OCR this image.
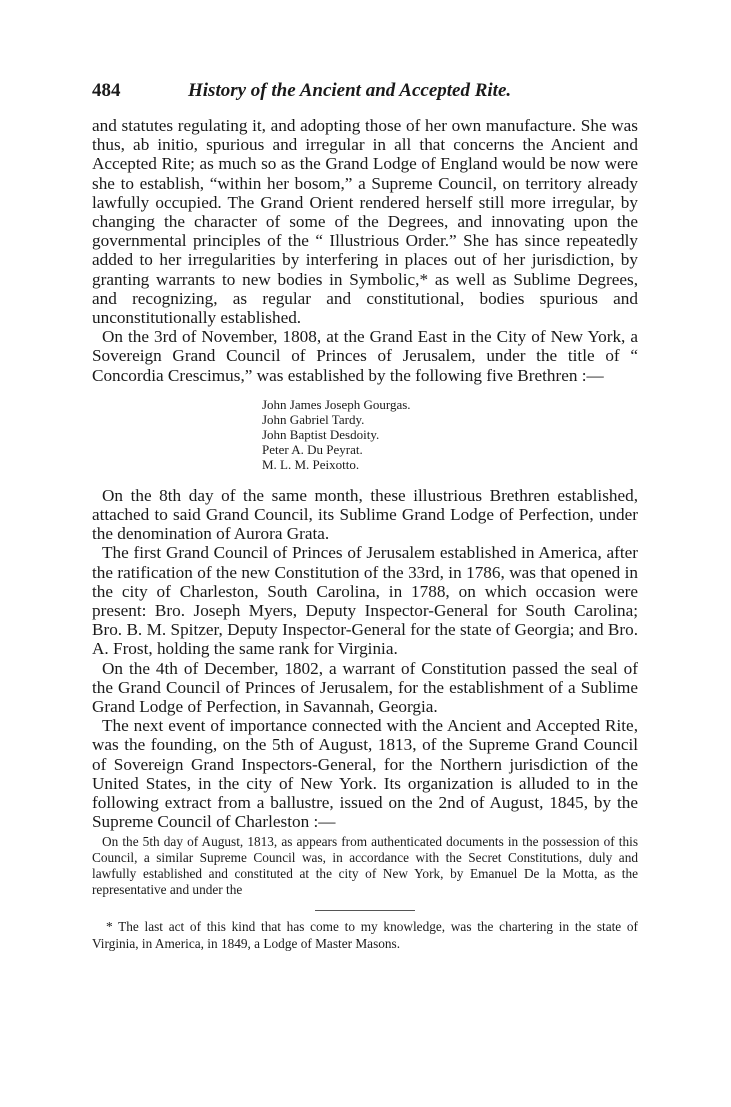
484	History of the Ancient and Accepted Rite.

and statutes regulating it, and adopting those of her own manufacture. She was thus, ab initio, spurious and irregular in all that concerns the Ancient and Accepted Rite; as much so as the Grand Lodge of England would be now were she to establish, “within her bosom,” a Supreme Council, on territory already lawfully occupied. The Grand Orient rendered herself still more irregular, by changing the character of some of the Degrees, and innovating upon the governmental principles of the “ Illustrious Order.” She has since repeatedly added to her irregularities by interfering in places out of her jurisdiction, by granting warrants to new bodies in Symbolic,* as well as Sublime Degrees, and recognizing, as regular and constitutional, bodies spurious and unconstitutionally established.

On the 3rd of November, 1808, at the Grand East in the City of New York, a Sovereign Grand Council of Princes of Jerusalem, under the title of “ Concordia Crescimus,” was established by the following five Brethren :—

John James Joseph Gourgas.
John Gabriel Tardy.
John Baptist Desdoity.
Peter A. Du Peyrat.
M. L. M. Peixotto.

On the 8th day of the same month, these illustrious Brethren established, attached to said Grand Council, its Sublime Grand Lodge of Perfection, under the denomination of Aurora Grata.

The first Grand Council of Princes of Jerusalem established in America, after the ratification of the new Constitution of the 33rd, in 1786, was that opened in the city of Charleston, South Carolina, in 1788, on which occasion were present: Bro. Joseph Myers, Deputy Inspector-General for South Carolina; Bro. B. M. Spitzer, Deputy Inspector-General for the state of Georgia; and Bro. A. Frost, holding the same rank for Virginia.

On the 4th of December, 1802, a warrant of Constitution passed the seal of the Grand Council of Princes of Jerusalem, for the establishment of a Sublime Grand Lodge of Perfection, in Savannah, Georgia.

The next event of importance connected with the Ancient and Accepted Rite, was the founding, on the 5th of August, 1813, of the Supreme Grand Council of Sovereign Grand Inspectors-General, for the Northern jurisdiction of the United States, in the city of New York. Its organization is alluded to in the following extract from a ballustre, issued on the 2nd of August, 1845, by the Supreme Council of Charleston :—

On the 5th day of August, 1813, as appears from authenticated documents in the possession of this Council, a similar Supreme Council was, in accordance with the Secret Constitutions, duly and lawfully established and constituted at the city of New York, by Emanuel De la Motta, as the representative and under the

* The last act of this kind that has come to my knowledge, was the chartering in the state of Virginia, in America, in 1849, a Lodge of Master Masons.
